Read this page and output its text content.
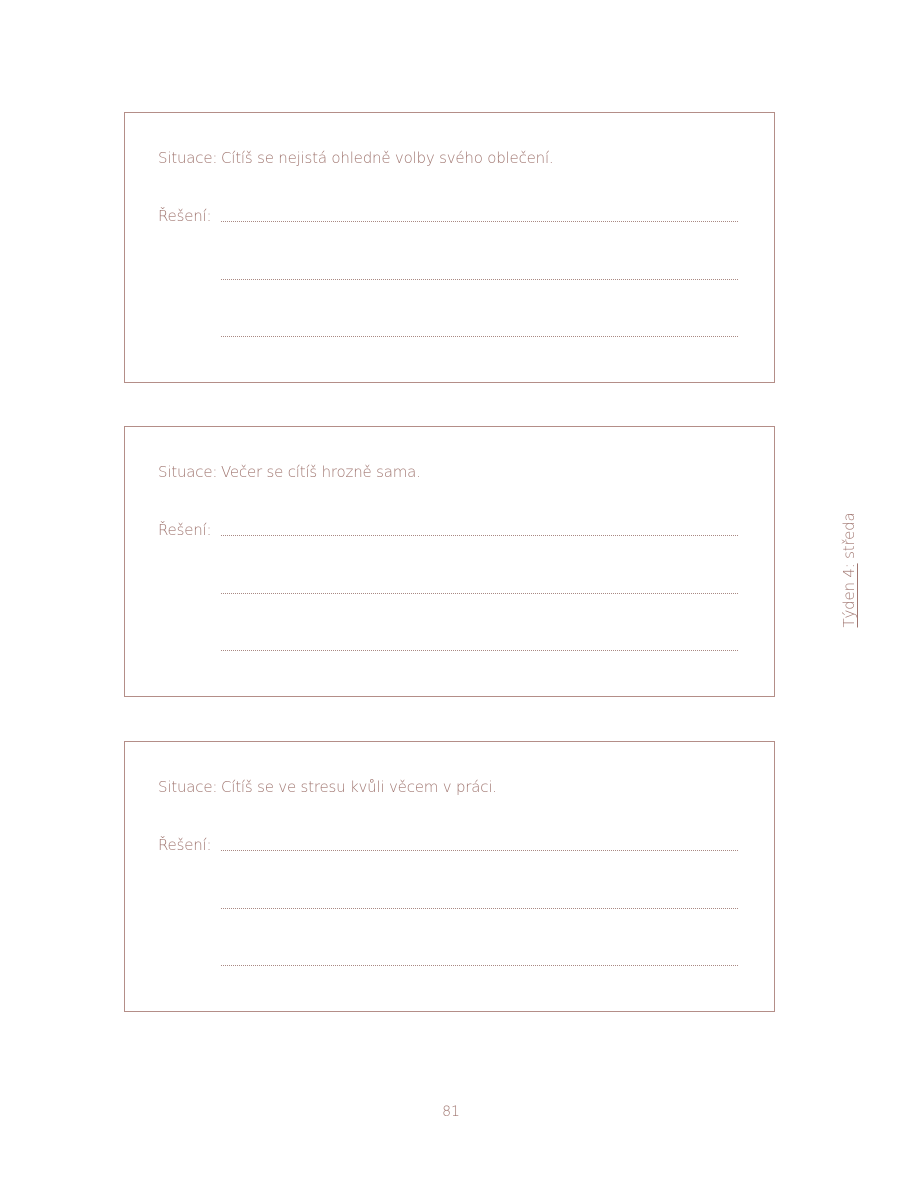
Situace: Cítíš se nejistá ohledně volby svého oblečení.
Řešení:
Situace: Večer se cítíš hrozně sama.
Řešení:
Situace: Cítíš se ve stresu kvůli věcem v práci.
Řešení:
Týden 4: středa
81
